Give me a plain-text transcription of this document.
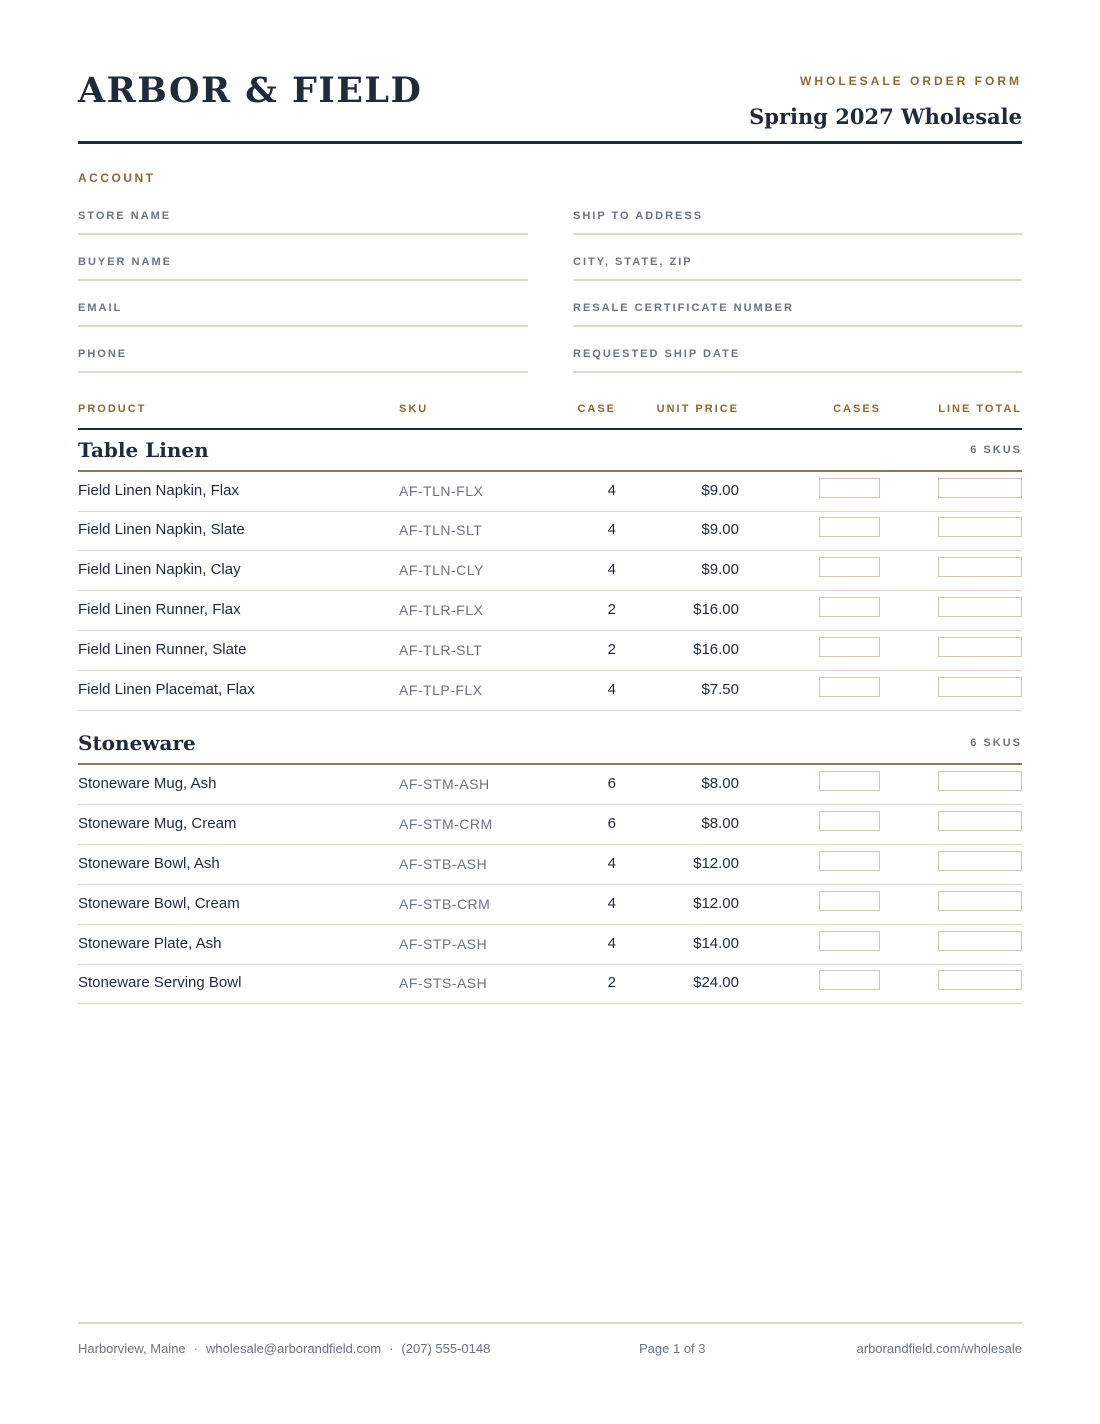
ARBOR & FIELD	WHOLESALE ORDER FORM
Spring 2027 Wholesale
ACCOUNT
STORE NAME
BUYER NAME
EMAIL
PHONE
SHIP TO ADDRESS
CITY, STATE, ZIP
RESALE CERTIFICATE NUMBER
REQUESTED SHIP DATE
PRODUCT	SKU	CASE	UNIT PRICE	CASES	LINE TOTAL
Table Linen	6 SKUS
Field Linen Napkin, Flax	AF-TLN-FLX	4	$9.00
Field Linen Napkin, Slate	AF-TLN-SLT	4	$9.00
Field Linen Napkin, Clay	AF-TLN-CLY	4	$9.00
Field Linen Runner, Flax	AF-TLR-FLX	2	$16.00
Field Linen Runner, Slate	AF-TLR-SLT	2	$16.00
Field Linen Placemat, Flax	AF-TLP-FLX	4	$7.50
Stoneware	6 SKUS
Stoneware Mug, Ash	AF-STM-ASH	6	$8.00
Stoneware Mug, Cream	AF-STM-CRM	6	$8.00
Stoneware Bowl, Ash	AF-STB-ASH	4	$12.00
Stoneware Bowl, Cream	AF-STB-CRM	4	$12.00
Stoneware Plate, Ash	AF-STP-ASH	4	$14.00
Stoneware Serving Bowl	AF-STS-ASH	2	$24.00
Harborview, Maine · wholesale@arborandfield.com · (207) 555-0148	Page 1 of 3	arborandfield.com/wholesale
